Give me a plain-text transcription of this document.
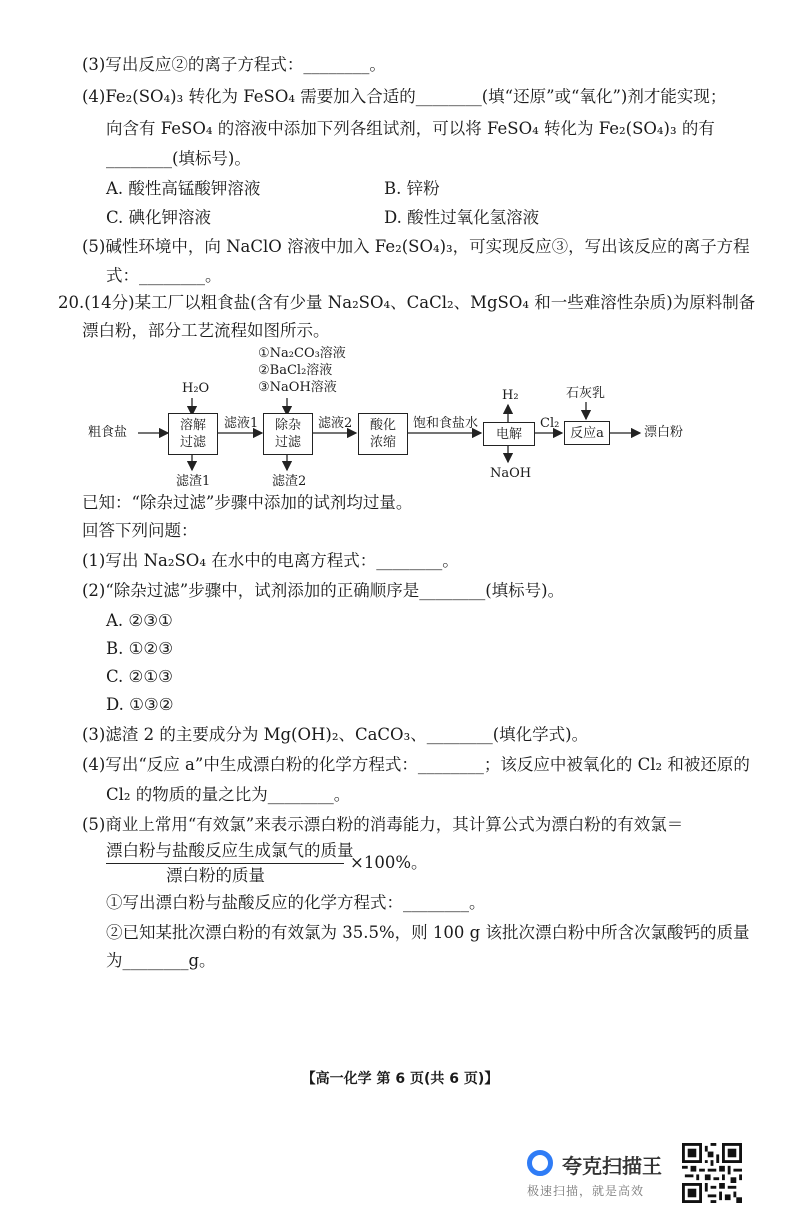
(3)写出反应②的离子方程式：________。
(4)Fe₂(SO₄)₃ 转化为 FeSO₄ 需要加入合适的________(填“还原”或“氧化”)剂才能实现；
向含有 FeSO₄ 的溶液中添加下列各组试剂，可以将 FeSO₄ 转化为 Fe₂(SO₄)₃ 的有
________(填标号)。
A. 酸性高锰酸钾溶液	B. 锌粉
C. 碘化钾溶液	D. 酸性过氧化氢溶液
(5)碱性环境中，向 NaClO 溶液中加入 Fe₂(SO₄)₃，可实现反应③，写出该反应的离子方程
式：________。
20.(14分)某工厂以粗食盐(含有少量 Na₂SO₄、CaCl₂、MgSO₄ 和一些难溶性杂质)为原料制备
漂白粉，部分工艺流程如图所示。
粗食盐
H₂O
溶解
过滤
滤液1
滤渣1
①Na₂CO₃溶液
②BaCl₂溶液
③NaOH溶液
除杂
过滤
滤液2
滤渣2
酸化
浓缩
饱和食盐水
H₂
电解
NaOH
Cl₂
石灰乳
反应a	漂白粉
已知：“除杂过滤”步骤中添加的试剂均过量。
回答下列问题：
(1)写出 Na₂SO₄ 在水中的电离方程式：________。
(2)“除杂过滤”步骤中，试剂添加的正确顺序是________(填标号)。
A. ②③①
B. ①②③
C. ②①③
D. ①③②
(3)滤渣 2 的主要成分为 Mg(OH)₂、CaCO₃、________(填化学式)。
(4)写出“反应 a”中生成漂白粉的化学方程式：________；该反应中被氧化的 Cl₂ 和被还原的
Cl₂ 的物质的量之比为________。
(5)商业上常用“有效氯”来表示漂白粉的消毒能力，其计算公式为漂白粉的有效氯＝
漂白粉与盐酸反应生成氯气的质量
漂白粉的质量
×100%。
①写出漂白粉与盐酸反应的化学方程式：________。
②已知某批次漂白粉的有效氯为 35.5%，则 100 g 该批次漂白粉中所含次氯酸钙的质量
为________g。
【高一化学 第 6 页(共 6 页)】
夸克扫描王
极速扫描，就是高效
